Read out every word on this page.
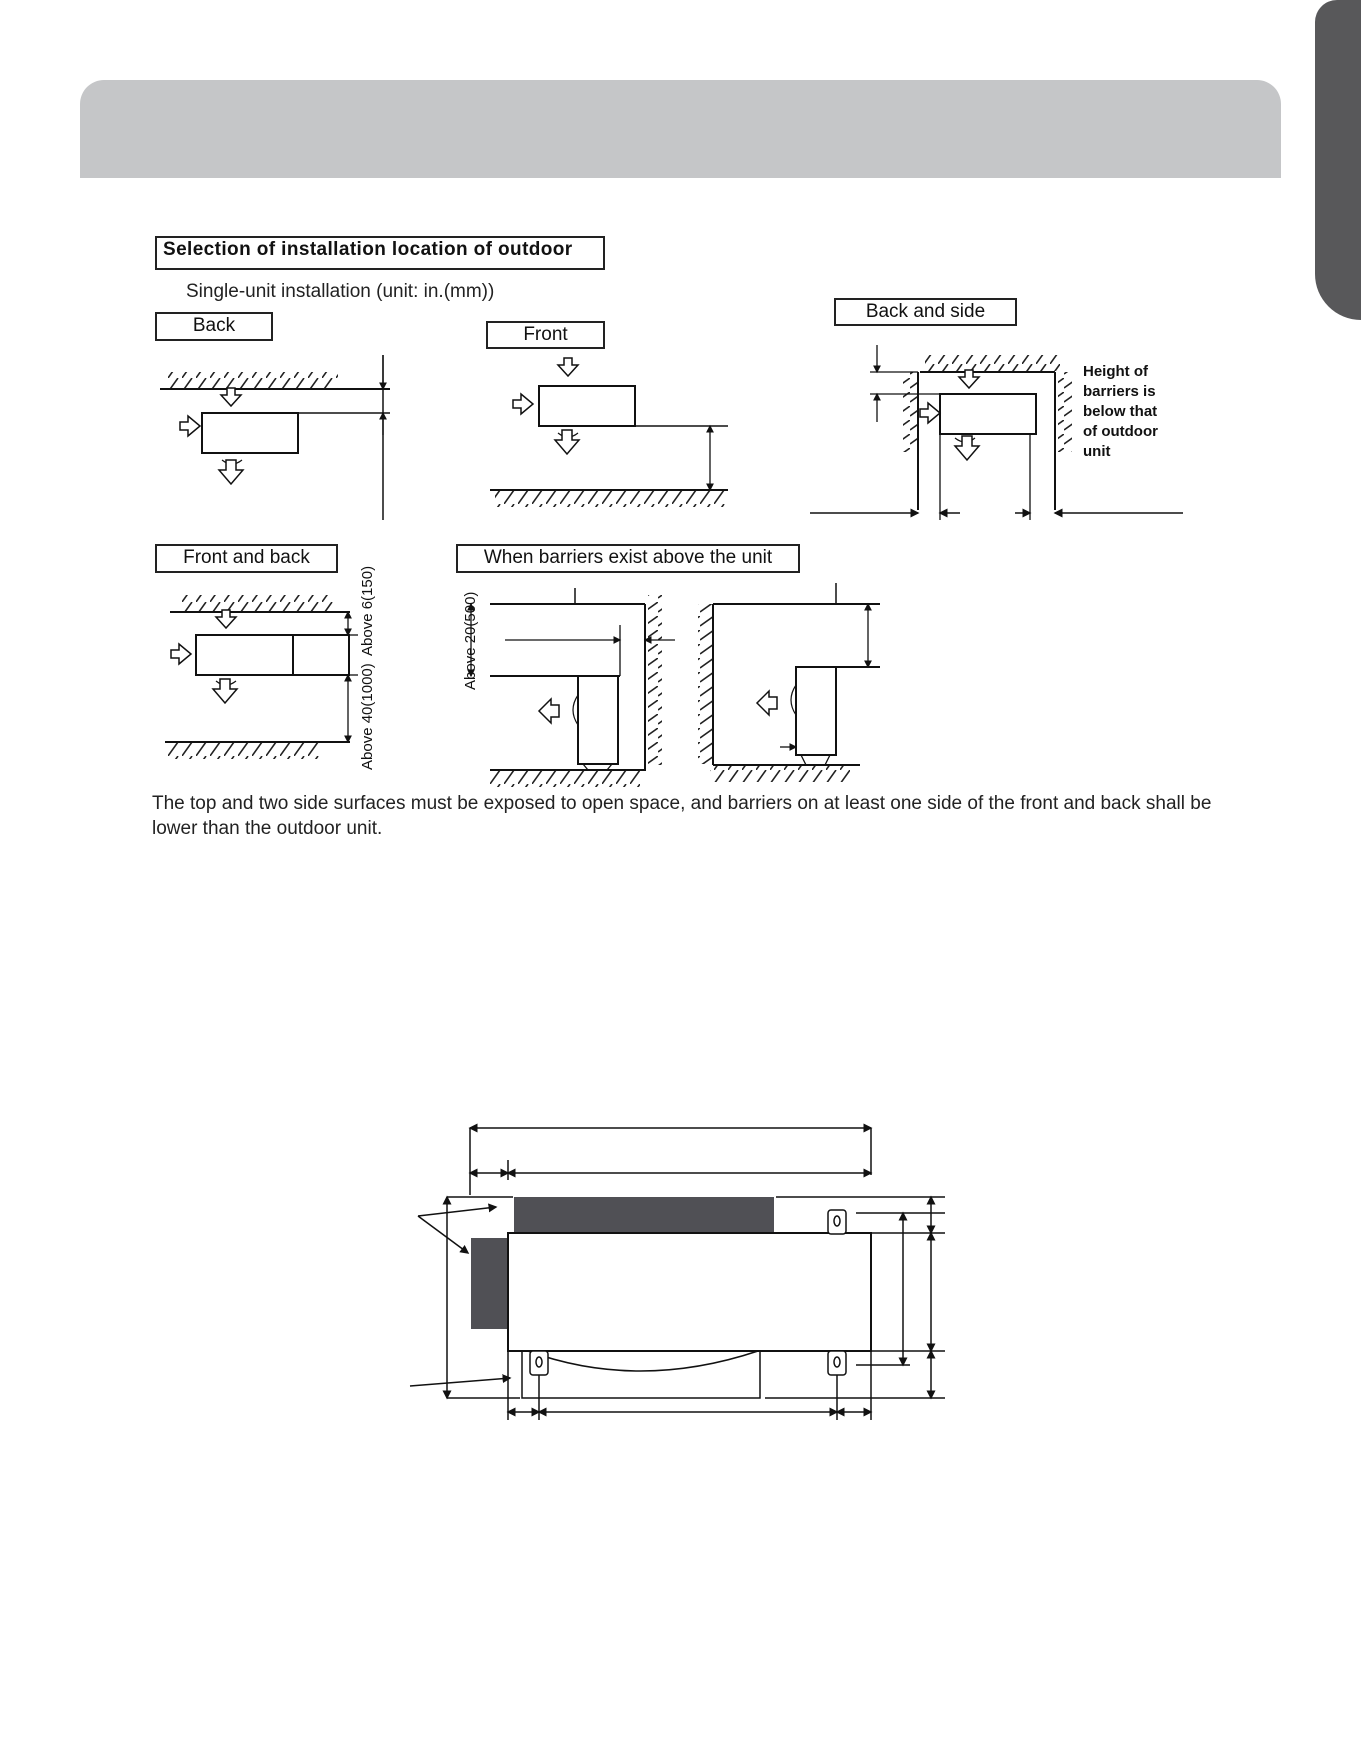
Selection of installation location of outdoor
Single-unit installation (unit: in.(mm))
Back	Front
Back and side
Front and back	When barriers exist above the unit
Height of barriers is below that of outdoor unit
Above 6(150)
Above 40(1000)
Above 20(500)
The top and two side surfaces must be exposed to open space, and barriers on at least one side of the front and back shall be lower than the outdoor unit.
